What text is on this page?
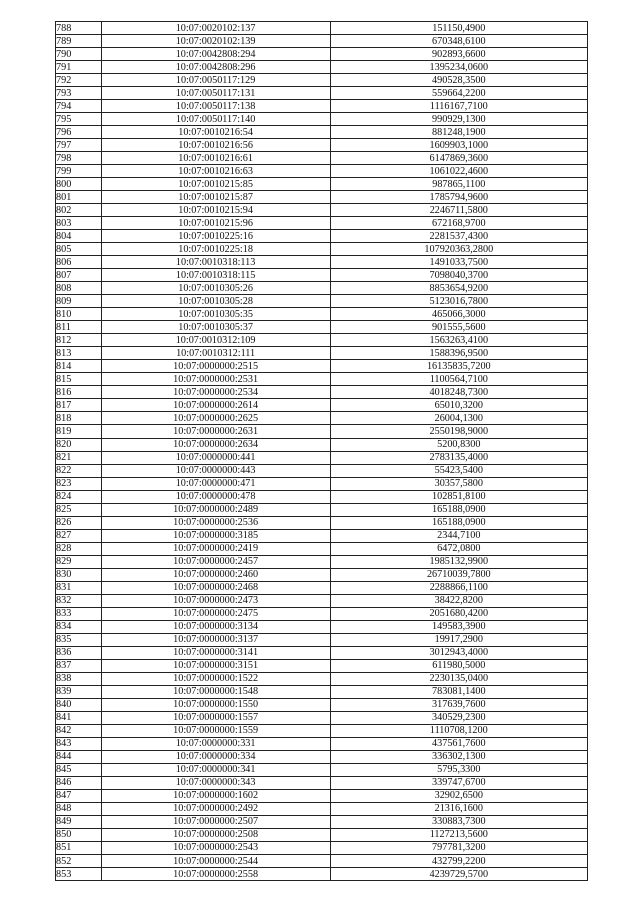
788	10:07:0020102:137	151150,4900
789	10:07:0020102:139	670348,6100
790	10:07:0042808:294	902893,6600
791	10:07:0042808:296	1395234,0600
792	10:07:0050117:129	490528,3500
793	10:07:0050117:131	559664,2200
794	10:07:0050117:138	1116167,7100
795	10:07:0050117:140	990929,1300
796	10:07:0010216:54	881248,1900
797	10:07:0010216:56	1609903,1000
798	10:07:0010216:61	6147869,3600
799	10:07:0010216:63	1061022,4600
800	10:07:0010215:85	987865,1100
801	10:07:0010215:87	1785794,9600
802	10:07:0010215:94	2246711,5800
803	10:07:0010215:96	672168,9700
804	10:07:0010225:16	2281537,4300
805	10:07:0010225:18	107920363,2800
806	10:07:0010318:113	1491033,7500
807	10:07:0010318:115	7098040,3700
808	10:07:0010305:26	8853654,9200
809	10:07:0010305:28	5123016,7800
810	10:07:0010305:35	465066,3000
811	10:07:0010305:37	901555,5600
812	10:07:0010312:109	1563263,4100
813	10:07:0010312:111	1588396,9500
814	10:07:0000000:2515	16135835,7200
815	10:07:0000000:2531	1100564,7100
816	10:07:0000000:2534	4018248,7300
817	10:07:0000000:2614	65010,3200
818	10:07:0000000:2625	26004,1300
819	10:07:0000000:2631	2550198,9000
820	10:07:0000000:2634	5200,8300
821	10:07:0000000:441	2783135,4000
822	10:07:0000000:443	55423,5400
823	10:07:0000000:471	30357,5800
824	10:07:0000000:478	102851,8100
825	10:07:0000000:2489	165188,0900
826	10:07:0000000:2536	165188,0900
827	10:07:0000000:3185	2344,7100
828	10:07:0000000:2419	6472,0800
829	10:07:0000000:2457	1985132,9900
830	10:07:0000000:2460	26710039,7800
831	10:07:0000000:2468	2288866,1100
832	10:07:0000000:2473	38422,8200
833	10:07:0000000:2475	2051680,4200
834	10:07:0000000:3134	149583,3900
835	10:07:0000000:3137	19917,2900
836	10:07:0000000:3141	3012943,4000
837	10:07:0000000:3151	611980,5000
838	10:07:0000000:1522	2230135,0400
839	10:07:0000000:1548	783081,1400
840	10:07:0000000:1550	317639,7600
841	10:07:0000000:1557	340529,2300
842	10:07:0000000:1559	1110708,1200
843	10:07:0000000:331	437561,7600
844	10:07:0000000:334	336302,1300
845	10:07:0000000:341	5795,3300
846	10:07:0000000:343	339747,6700
847	10:07:0000000:1602	32902,6500
848	10:07:0000000:2492	21316,1600
849	10:07:0000000:2507	330883,7300
850	10:07:0000000:2508	1127213,5600
851	10:07:0000000:2543	797781,3200
852	10:07:0000000:2544	432799,2200
853	10:07:0000000:2558	4239729,5700
